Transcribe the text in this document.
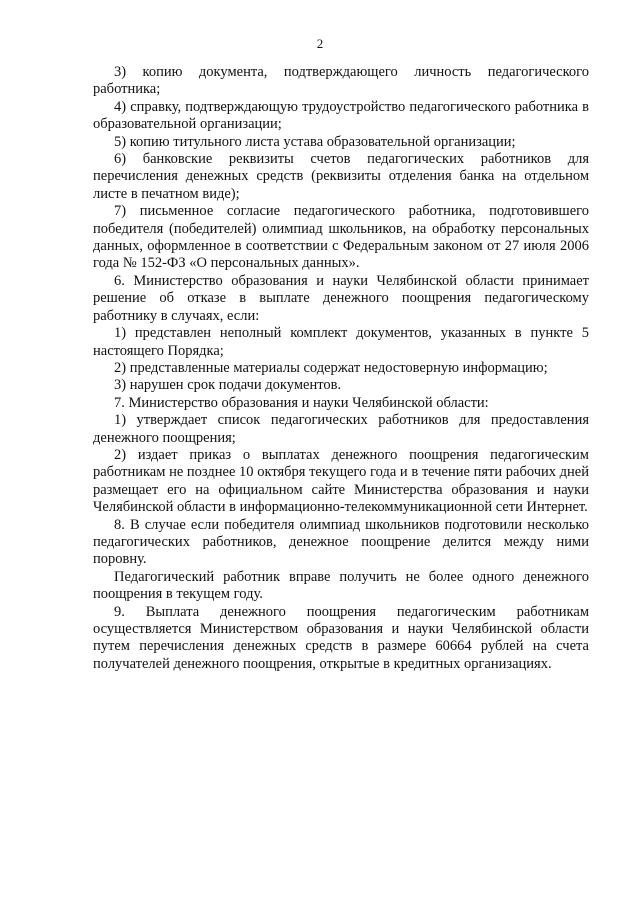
2

3) копию документа, подтверждающего личность педагогического работника;

4) справку, подтверждающую трудоустройство педагогического работника в образовательной организации;

5) копию титульного листа устава образовательной организации;

6) банковские реквизиты счетов педагогических работников для перечисления денежных средств (реквизиты отделения банка на отдельном листе в печатном виде);

7) письменное согласие педагогического работника, подготовившего победителя (победителей) олимпиад школьников, на обработку персональных данных, оформленное в соответствии с Федеральным законом от 27 июля 2006 года № 152-ФЗ «О персональных данных».

6. Министерство образования и науки Челябинской области принимает решение об отказе в выплате денежного поощрения педагогическому работнику в случаях, если:

1) представлен неполный комплект документов, указанных в пункте 5 настоящего Порядка;

2) представленные материалы содержат недостоверную информацию;

3) нарушен срок подачи документов.

7. Министерство образования и науки Челябинской области:

1) утверждает список педагогических работников для предоставления денежного поощрения;

2) издает приказ о выплатах денежного поощрения педагогическим работникам не позднее 10 октября текущего года и в течение пяти рабочих дней размещает его на официальном сайте Министерства образования и науки Челябинской области в информационно-телекоммуникационной сети Интернет.

8. В случае если победителя олимпиад школьников подготовили несколько педагогических работников, денежное поощрение делится между ними поровну.

Педагогический работник вправе получить не более одного денежного поощрения в текущем году.

9. Выплата денежного поощрения педагогическим работникам осуществляется Министерством образования и науки Челябинской области путем перечисления денежных средств в размере 60664 рублей на счета получателей денежного поощрения, открытые в кредитных организациях.
